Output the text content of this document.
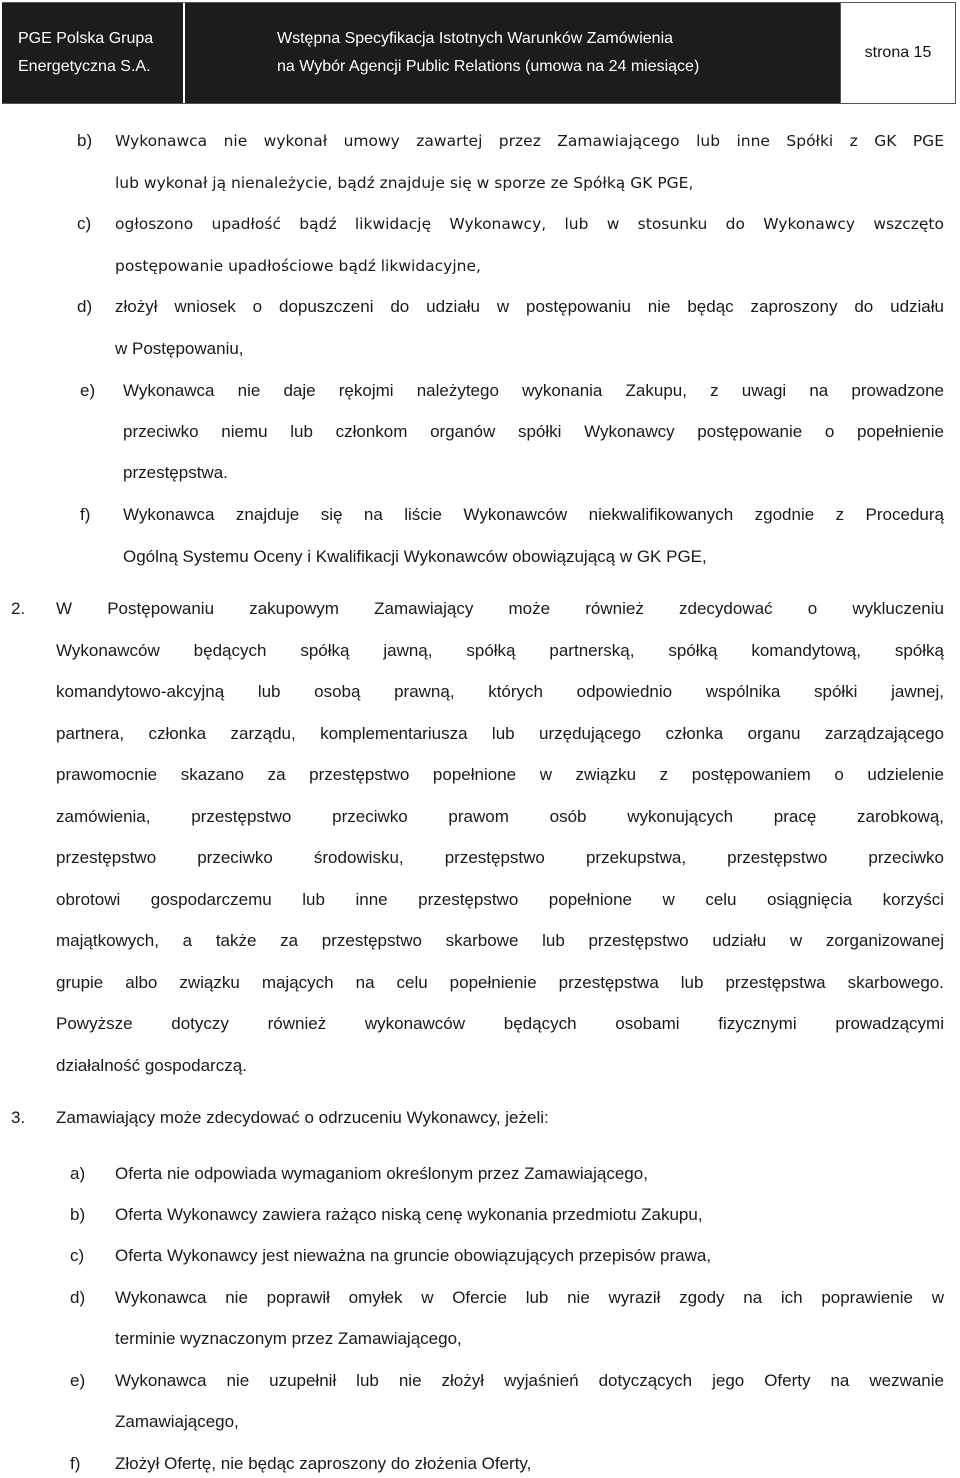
PGE Polska Grupa
Energetyczna S.A.
Wstępna Specyfikacja Istotnych Warunków Zamówienia
na Wybór Agencji Public Relations (umowa na 24 miesiące)
strona 15
b) Wykonawca nie wykonał umowy zawartej przez Zamawiającego lub inne Spółki z GK PGE
lub wykonał ją nienależycie, bądź znajduje się w sporze ze Spółką GK PGE,
c) ogłoszono upadłość bądź likwidację Wykonawcy, lub w stosunku do Wykonawcy wszczęto
postępowanie upadłościowe bądź likwidacyjne,
d) złożył wniosek o dopuszczeni do udziału w postępowaniu nie będąc zaproszony do udziału
w Postępowaniu,
e) Wykonawca nie daje rękojmi należytego wykonania Zakupu, z uwagi na prowadzone
przeciwko niemu lub członkom organów spółki Wykonawcy postępowanie o popełnienie
przestępstwa.
f) Wykonawca znajduje się na liście Wykonawców niekwalifikowanych zgodnie z Procedurą
Ogólną Systemu Oceny i Kwalifikacji Wykonawców obowiązującą w GK PGE,
2. W Postępowaniu zakupowym Zamawiający może również zdecydować o wykluczeniu
Wykonawców będących spółką jawną, spółką partnerską, spółką komandytową, spółką
komandytowo-akcyjną lub osobą prawną, których odpowiednio wspólnika spółki jawnej,
partnera, członka zarządu, komplementariusza lub urzędującego członka organu zarządzającego
prawomocnie skazano za przestępstwo popełnione w związku z postępowaniem o udzielenie
zamówienia, przestępstwo przeciwko prawom osób wykonujących pracę zarobkową,
przestępstwo przeciwko środowisku, przestępstwo przekupstwa, przestępstwo przeciwko
obrotowi gospodarczemu lub inne przestępstwo popełnione w celu osiągnięcia korzyści
majątkowych, a także za przestępstwo skarbowe lub przestępstwo udziału w zorganizowanej
grupie albo związku mających na celu popełnienie przestępstwa lub przestępstwa skarbowego.
Powyższe dotyczy również wykonawców będących osobami fizycznymi prowadzącymi
działalność gospodarczą.
3. Zamawiający może zdecydować o odrzuceniu Wykonawcy, jeżeli:
a) Oferta nie odpowiada wymaganiom określonym przez Zamawiającego,
b) Oferta Wykonawcy zawiera rażąco niską cenę wykonania przedmiotu Zakupu,
c) Oferta Wykonawcy jest nieważna na gruncie obowiązujących przepisów prawa,
d) Wykonawca nie poprawił omyłek w Ofercie lub nie wyraził zgody na ich poprawienie w
terminie wyznaczonym przez Zamawiającego,
e) Wykonawca nie uzupełnił lub nie złożył wyjaśnień dotyczących jego Oferty na wezwanie
Zamawiającego,
f) Złożył Ofertę, nie będąc zaproszony do złożenia Oferty,
